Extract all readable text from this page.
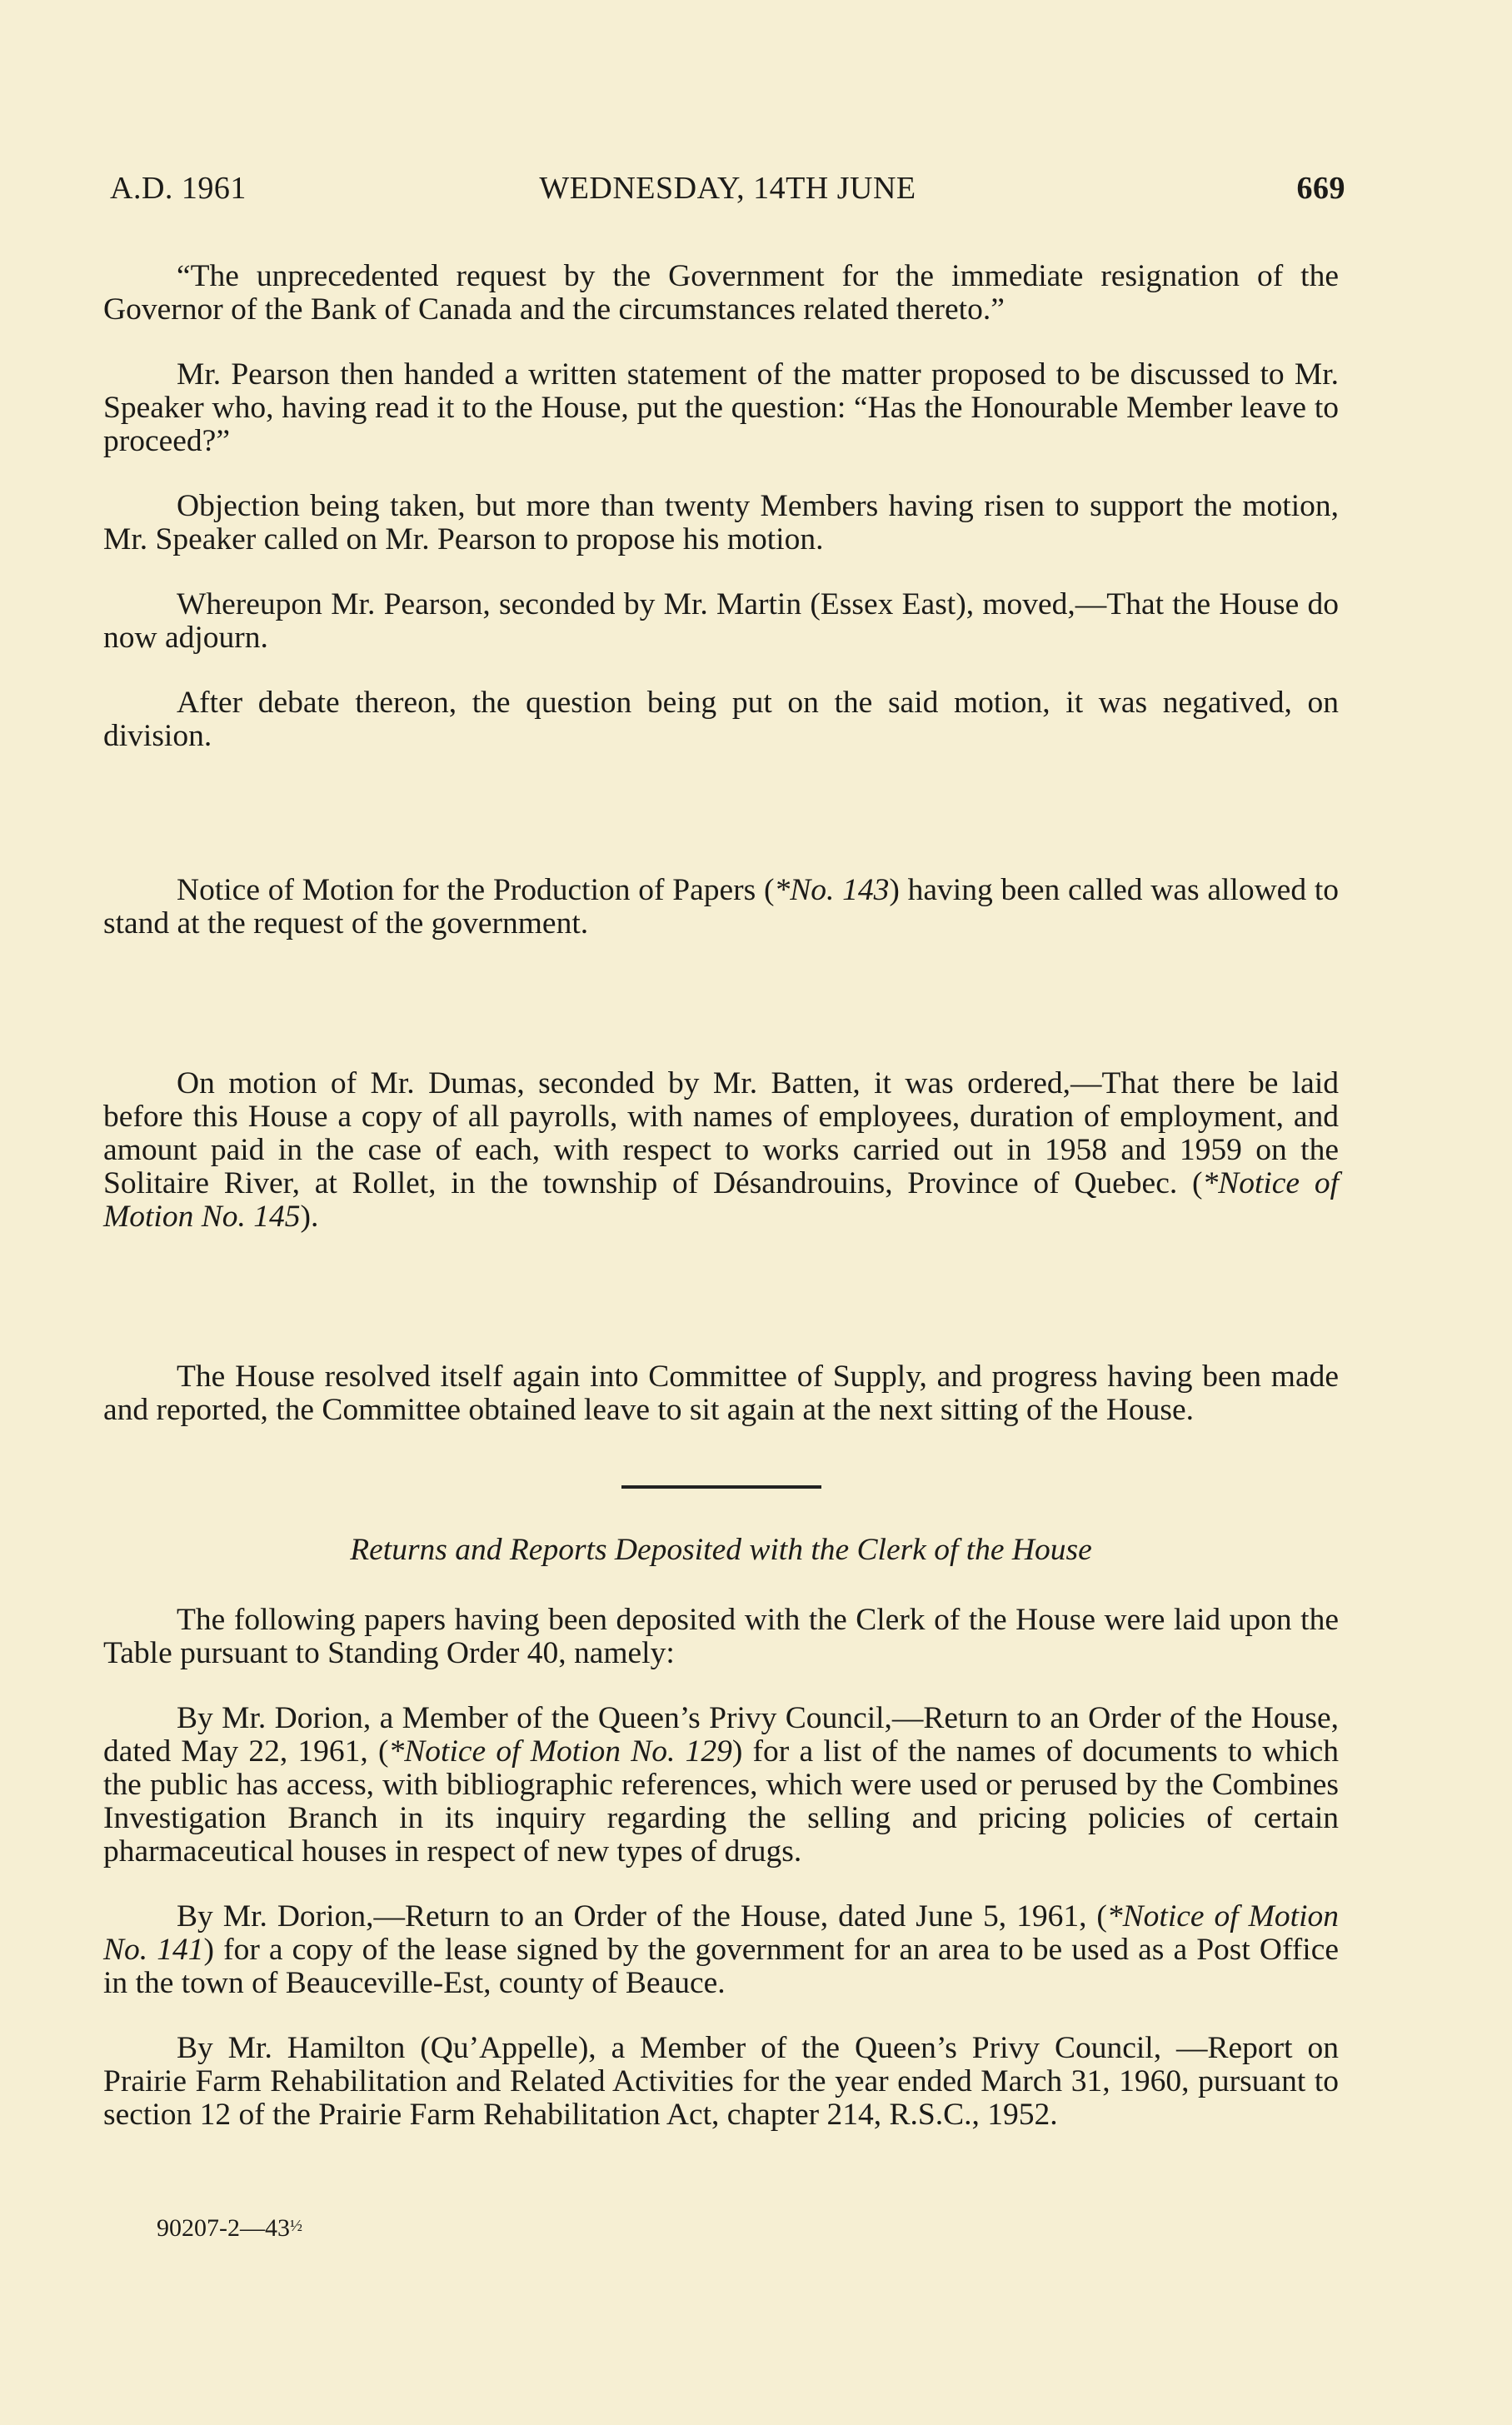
A.D. 1961	WEDNESDAY, 14TH JUNE	669

“The unprecedented request by the Government for the immediate resignation of the Governor of the Bank of Canada and the circumstances related thereto.”

Mr. Pearson then handed a written statement of the matter proposed to be discussed to Mr. Speaker who, having read it to the House, put the question: “Has the Honourable Member leave to proceed?”

Objection being taken, but more than twenty Members having risen to support the motion, Mr. Speaker called on Mr. Pearson to propose his motion.

Whereupon Mr. Pearson, seconded by Mr. Martin (Essex East), moved,—That the House do now adjourn.

After debate thereon, the question being put on the said motion, it was negatived, on division.

Notice of Motion for the Production of Papers (*No. 143) having been called was allowed to stand at the request of the government.

On motion of Mr. Dumas, seconded by Mr. Batten, it was ordered,—That there be laid before this House a copy of all payrolls, with names of employees, duration of employment, and amount paid in the case of each, with respect to works carried out in 1958 and 1959 on the Solitaire River, at Rollet, in the township of Désandrouins, Province of Quebec. (*Notice of Motion No. 145).

The House resolved itself again into Committee of Supply, and progress having been made and reported, the Committee obtained leave to sit again at the next sitting of the House.

Returns and Reports Deposited with the Clerk of the House

The following papers having been deposited with the Clerk of the House were laid upon the Table pursuant to Standing Order 40, namely:

By Mr. Dorion, a Member of the Queen’s Privy Council,—Return to an Order of the House, dated May 22, 1961, (*Notice of Motion No. 129) for a list of the names of documents to which the public has access, with bibliographic references, which were used or perused by the Combines Investigation Branch in its inquiry regarding the selling and pricing policies of certain pharmaceutical houses in respect of new types of drugs.

By Mr. Dorion,—Return to an Order of the House, dated June 5, 1961, (*Notice of Motion No. 141) for a copy of the lease signed by the government for an area to be used as a Post Office in the town of Beauceville-Est, county of Beauce.

By Mr. Hamilton (Qu’Appelle), a Member of the Queen’s Privy Council, —Report on Prairie Farm Rehabilitation and Related Activities for the year ended March 31, 1960, pursuant to section 12 of the Prairie Farm Rehabilitation Act, chapter 214, R.S.C., 1952.

$90207-2—43^{\frac{1}{2}}$
